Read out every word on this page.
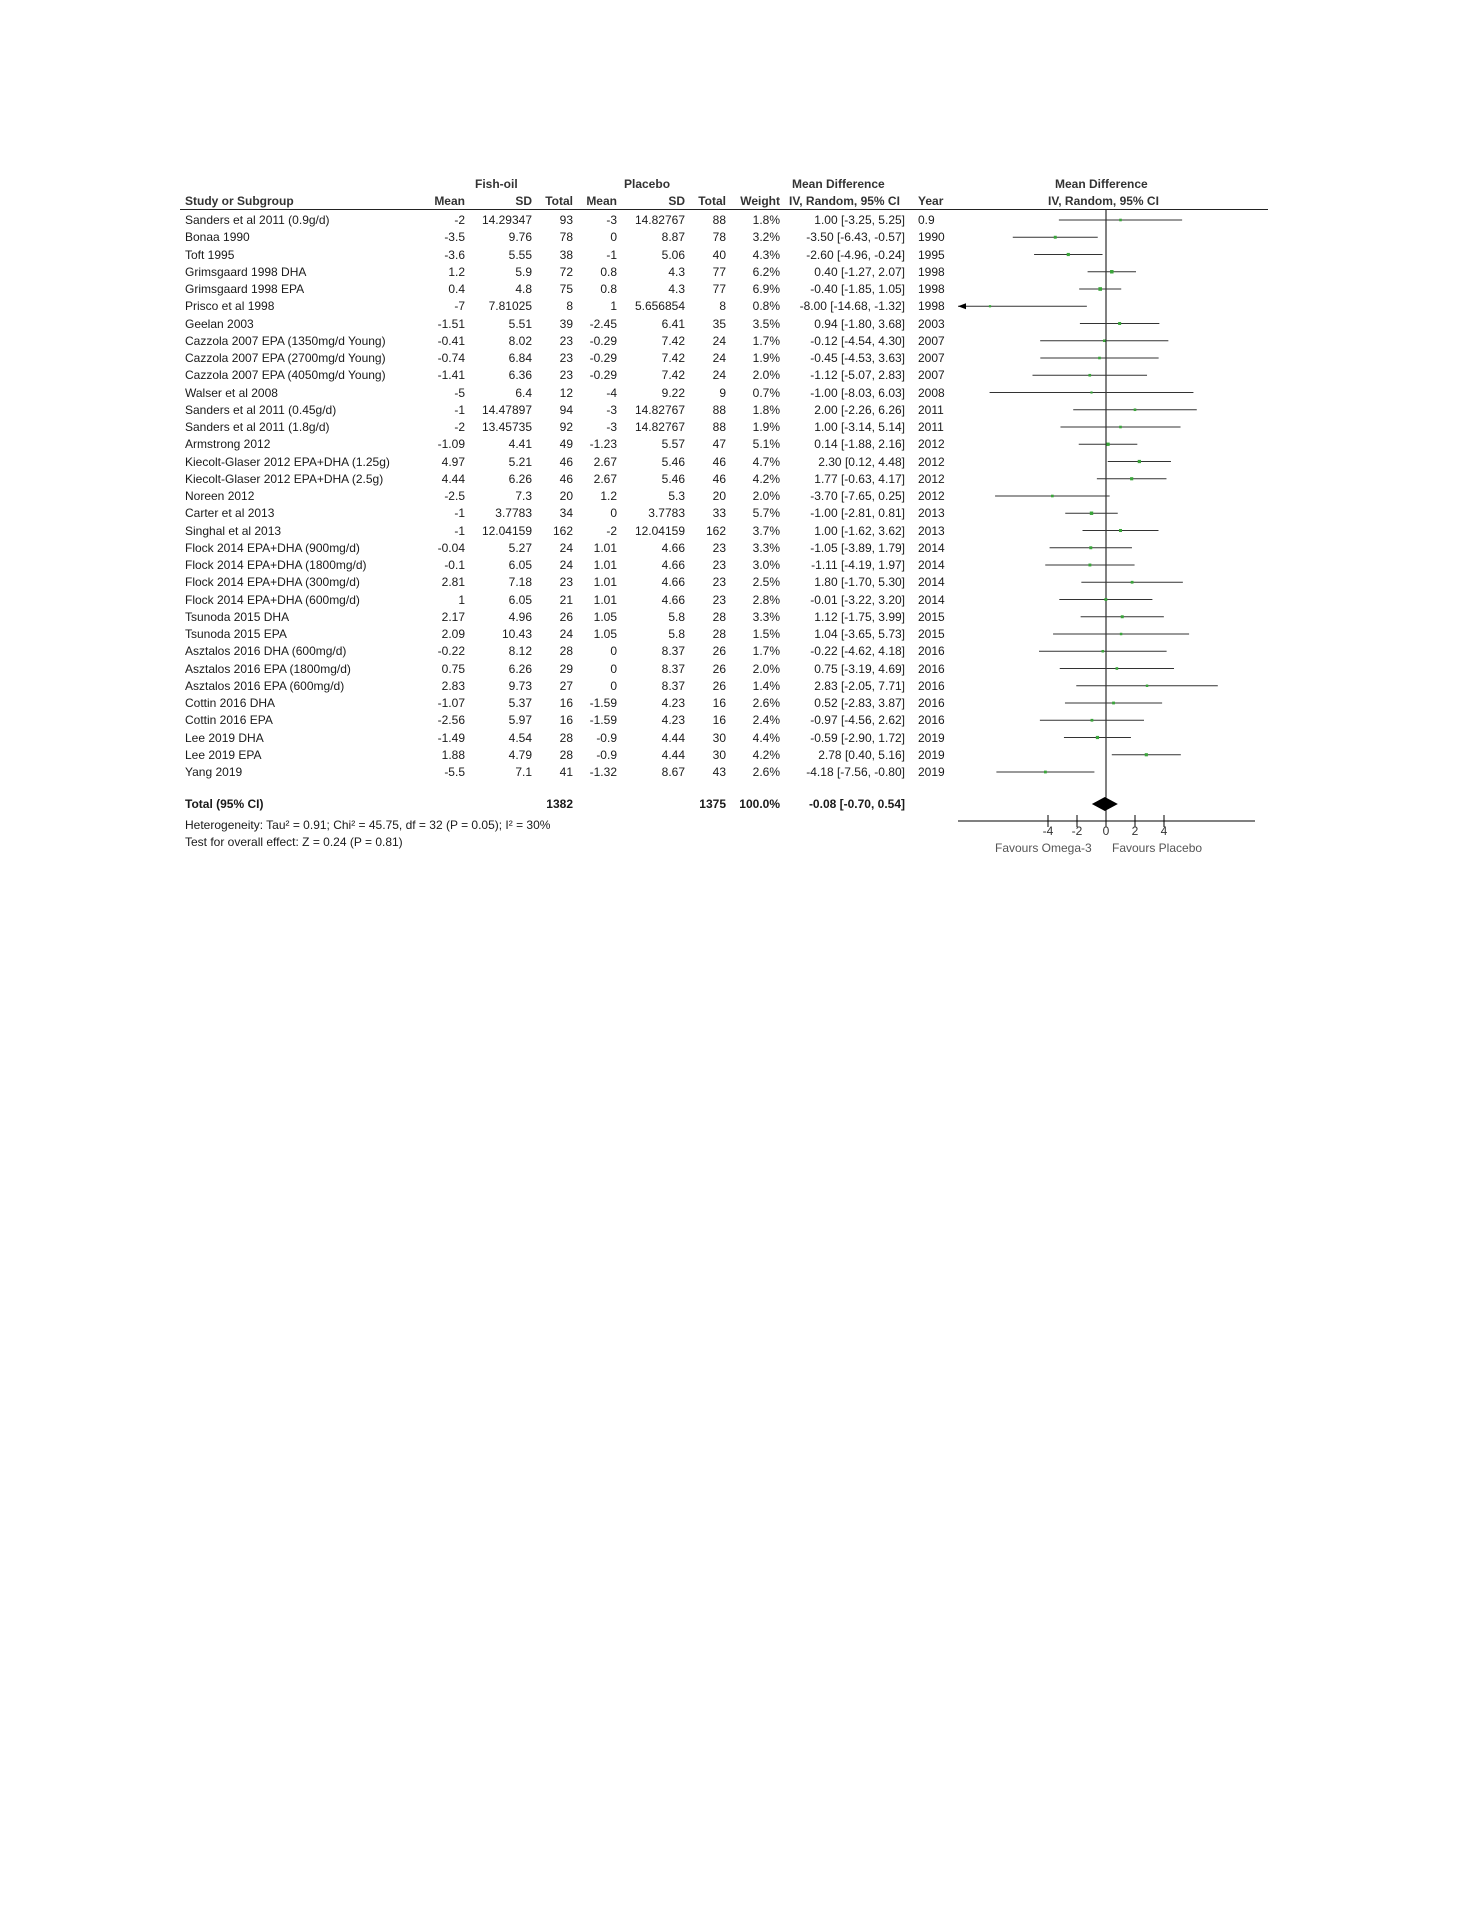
Fish-oil	Placebo	Mean Difference	Mean Difference
Study or Subgroup	Mean	SD	Total	Mean	SD	Total	Weight IV, Random, 95% CI Year	IV, Random, 95% CI
Sanders et al 2011 (0.9g/d)	-2	14.29347	93	-3	14.82767	88	1.8%	1.00 [-3.25, 5.25] 0.9
Bonaa 1990	-3.5	9.76	78	0	8.87	78	3.2%	-3.50 [-6.43, -0.57] 1990
Toft 1995	-3.6	5.55	38	-1	5.06	40	4.3%	-2.60 [-4.96, -0.24] 1995
Grimsgaard 1998 DHA	1.2	5.9	72	0.8	4.3	77	6.2%	0.40 [-1.27, 2.07] 1998
Grimsgaard 1998 EPA	0.4	4.8	75	0.8	4.3	77	6.9%	-0.40 [-1.85, 1.05] 1998
Prisco et al 1998	-7	7.81025	8	1	5.656854	8	0.8%	-8.00 [-14.68, -1.32] 1998
Geelan 2003	-1.51	5.51	39	-2.45	6.41	35	3.5%	0.94 [-1.80, 3.68] 2003
Cazzola 2007 EPA (1350mg/d Young)	-0.41	8.02	23	-0.29	7.42	24	1.7%	-0.12 [-4.54, 4.30] 2007
Cazzola 2007 EPA (2700mg/d Young)	-0.74	6.84	23	-0.29	7.42	24	1.9%	-0.45 [-4.53, 3.63] 2007
Cazzola 2007 EPA (4050mg/d Young)	-1.41	6.36	23	-0.29	7.42	24	2.0%	-1.12 [-5.07, 2.83] 2007
Walser et al 2008	-5	6.4	12	-4	9.22	9	0.7%	-1.00 [-8.03, 6.03] 2008
Sanders et al 2011 (0.45g/d)	-1	14.47897	94	-3	14.82767	88	1.8%	2.00 [-2.26, 6.26] 2011
Sanders et al 2011 (1.8g/d)	-2	13.45735	92	-3	14.82767	88	1.9%	1.00 [-3.14, 5.14] 2011
Armstrong 2012	-1.09	4.41	49	-1.23	5.57	47	5.1%	0.14 [-1.88, 2.16] 2012
Kiecolt-Glaser 2012 EPA+DHA (1.25g)	4.97	5.21	46	2.67	5.46	46	4.7%	2.30 [0.12, 4.48] 2012
Kiecolt-Glaser 2012 EPA+DHA (2.5g)	4.44	6.26	46	2.67	5.46	46	4.2%	1.77 [-0.63, 4.17] 2012
Noreen 2012	-2.5	7.3	20	1.2	5.3	20	2.0%	-3.70 [-7.65, 0.25] 2012
Carter et al 2013	-1	3.7783	34	0	3.7783	33	5.7%	-1.00 [-2.81, 0.81] 2013
Singhal et al 2013	-1	12.04159	162	-2	12.04159	162	3.7%	1.00 [-1.62, 3.62] 2013
Flock 2014 EPA+DHA (900mg/d)	-0.04	5.27	24	1.01	4.66	23	3.3%	-1.05 [-3.89, 1.79] 2014
Flock 2014 EPA+DHA (1800mg/d)	-0.1	6.05	24	1.01	4.66	23	3.0%	-1.11 [-4.19, 1.97] 2014
Flock 2014 EPA+DHA (300mg/d)	2.81	7.18	23	1.01	4.66	23	2.5%	1.80 [-1.70, 5.30] 2014
Flock 2014 EPA+DHA (600mg/d)	1	6.05	21	1.01	4.66	23	2.8%	-0.01 [-3.22, 3.20] 2014
Tsunoda 2015 DHA	2.17	4.96	26	1.05	5.8	28	3.3%	1.12 [-1.75, 3.99] 2015
Tsunoda 2015 EPA	2.09	10.43	24	1.05	5.8	28	1.5%	1.04 [-3.65, 5.73] 2015
Asztalos 2016 DHA (600mg/d)	-0.22	8.12	28	0	8.37	26	1.7%	-0.22 [-4.62, 4.18] 2016
Asztalos 2016 EPA (1800mg/d)	0.75	6.26	29	0	8.37	26	2.0%	0.75 [-3.19, 4.69] 2016
Asztalos 2016 EPA (600mg/d)	2.83	9.73	27	0	8.37	26	1.4%	2.83 [-2.05, 7.71] 2016
Cottin 2016 DHA	-1.07	5.37	16	-1.59	4.23	16	2.6%	0.52 [-2.83, 3.87] 2016
Cottin 2016 EPA	-2.56	5.97	16	-1.59	4.23	16	2.4%	-0.97 [-4.56, 2.62] 2016
Lee 2019 DHA	-1.49	4.54	28	-0.9	4.44	30	4.4%	-0.59 [-2.90, 1.72] 2019
Lee 2019 EPA	1.88	4.79	28	-0.9	4.44	30	4.2%	2.78 [0.40, 5.16] 2019
Yang 2019	-5.5	7.1	41	-1.32	8.67	43	2.6%	-4.18 [-7.56, -0.80] 2019
Total (95% CI)	1382	1375	100.0%	-0.08 [-0.70, 0.54]
Heterogeneity: Tau² = 0.91; Chi² = 45.75, df = 32 (P = 0.05); I² = 30%
Test for overall effect: Z = 0.24 (P = 0.81)	Favours Omega-3 Favours Placebo
-4 -2 0 2 4
